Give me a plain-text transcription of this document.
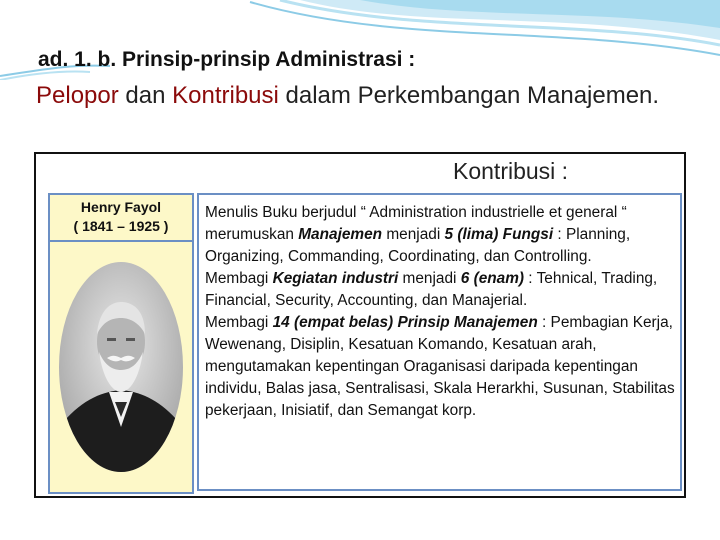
ad. 1. b. Prinsip-prinsip Administrasi :
Pelopor dan Kontribusi dalam Perkembangan Manajemen.
Kontribusi :
Henry Fayol
( 1841 – 1925 )

Menulis Buku berjudul “ Administration industrielle et general “ merumuskan Manajemen menjadi 5 (lima) Fungsi : Planning, Organizing, Commanding, Coordinating, dan Controlling.

Membagi Kegiatan industri menjadi 6 (enam) : Tehnical, Trading, Financial, Security, Accounting, dan Manajerial.

Membagi 14 (empat belas) Prinsip Manajemen : Pembagian Kerja, Wewenang, Disiplin, Kesatuan Komando, Kesatuan arah, mengutamakan kepentingan Oraganisasi daripada kepentingan individu, Balas jasa, Sentralisasi, Skala Herarkhi, Susunan, Stabilitas pekerjaan, Inisiatif, dan Semangat korp.
